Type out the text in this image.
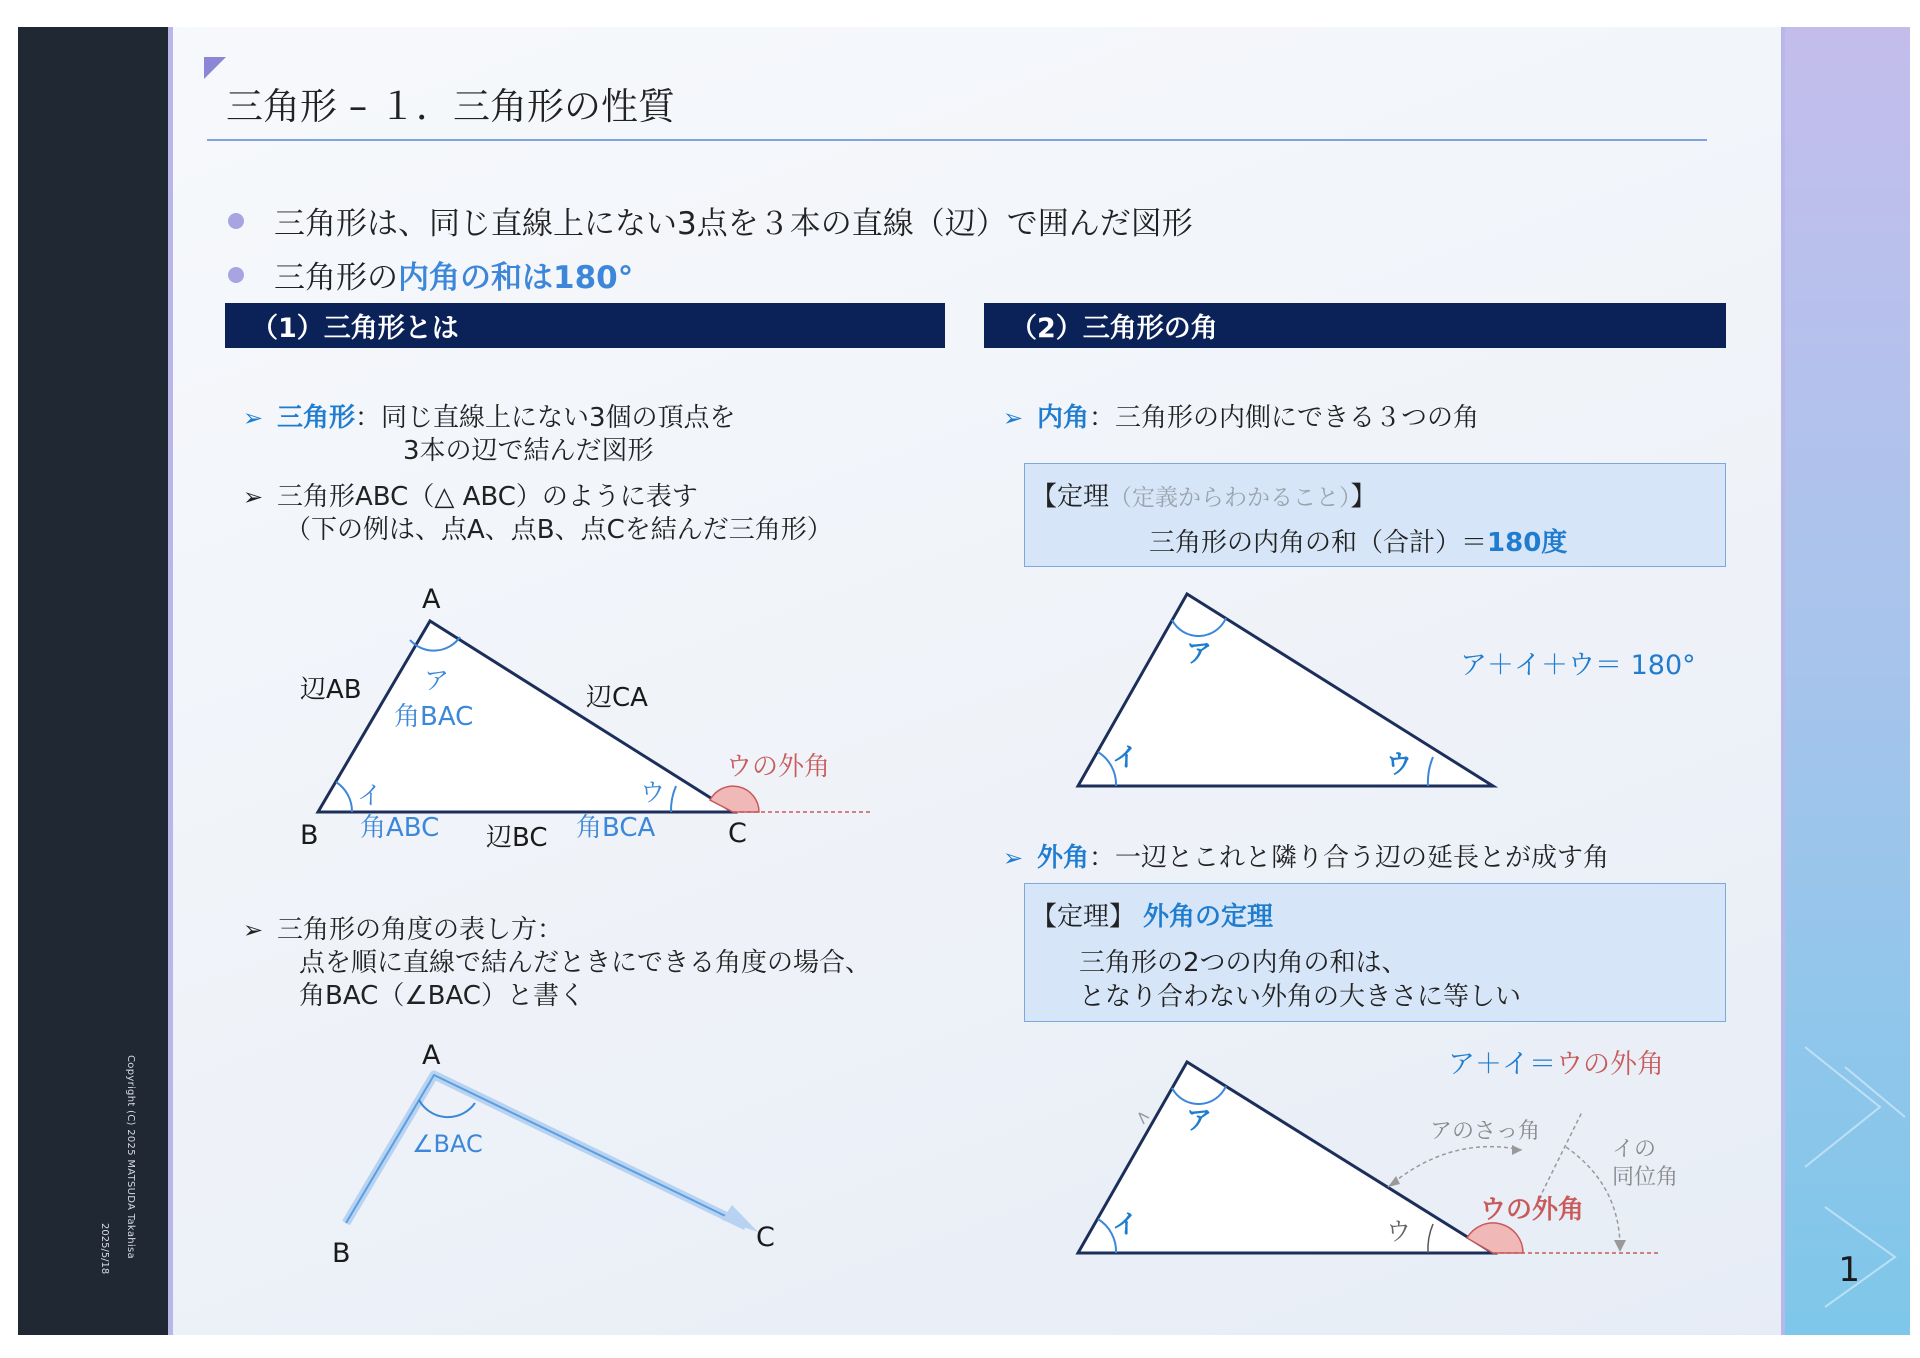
Copyright (C) 2025 MATSUDA Takahisa
2025/5/18
三角形 – １．三角形の性質
三角形は、同じ直線上にない3点を３本の直線（辺）で囲んだ図形
三角形の 内角の和は180°
（1）三角形とは
➢ 三角形：同じ直線上にない3個の頂点を
3本の辺で結んだ図形
➢ 三角形ABC（△ ABC）のように表す
（下の例は、点A、点B、点Cを結んだ三角形）
A
B	C
辺AB	辺CA
辺BC
ア
角BAC
イ
角ABC
ウ
角BCA
ウの外角
➢ 三角形の角度の表し方：
点を順に直線で結んだときにできる角度の場合、
角BAC（∠BAC）と書く
A
B
C
∠BAC
（2）三角形の角
➢ 内角：三角形の内側にできる３つの角
【定理（定義からわかること）】
三角形の内角の和（合計）＝180度
ア
イ	ウ
ア＋イ＋ウ＝ 180°
➢ 外角：一辺とこれと隣り合う辺の延長とが成す角
【定理】 外角の定理
三角形の2つの内角の和は、
となり合わない外角の大きさに等しい
ア
イ	ウ
ア＋イ＝ウの外角
アのさっ角
イの
同位角
ウの外角
1
